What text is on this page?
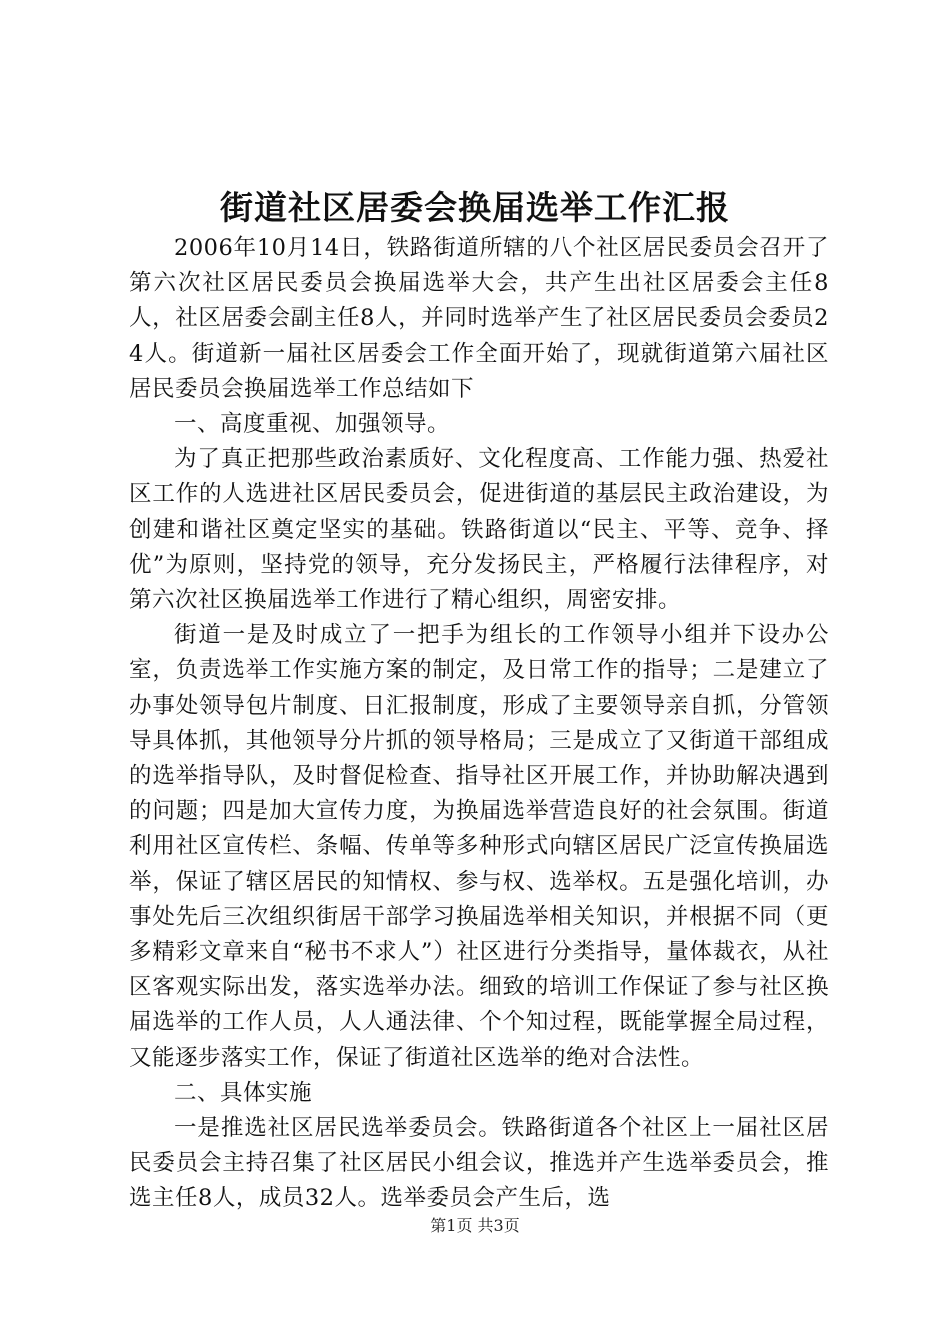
街道社区居委会换届选举工作汇报

2006年10月14日，铁路街道所辖的八个社区居民委员会召开了第六次社区居民委员会换届选举大会，共产生出社区居委会主任8人，社区居委会副主任8人，并同时选举产生了社区居民委员会委员24人。街道新一届社区居委会工作全面开始了，现就街道第六届社区居民委员会换届选举工作总结如下

一、高度重视、加强领导。

为了真正把那些政治素质好、文化程度高、工作能力强、热爱社区工作的人选进社区居民委员会，促进街道的基层民主政治建设，为创建和谐社区奠定坚实的基础。铁路街道以“民主、平等、竞争、择优”为原则，坚持党的领导，充分发扬民主，严格履行法律程序，对第六次社区换届选举工作进行了精心组织，周密安排。

街道一是及时成立了一把手为组长的工作领导小组并下设办公室，负责选举工作实施方案的制定，及日常工作的指导；二是建立了办事处领导包片制度、日汇报制度，形成了主要领导亲自抓，分管领导具体抓，其他领导分片抓的领导格局；三是成立了又街道干部组成的选举指导队，及时督促检查、指导社区开展工作，并协助解决遇到的问题；四是加大宣传力度，为换届选举营造良好的社会氛围。街道利用社区宣传栏、条幅、传单等多种形式向辖区居民广泛宣传换届选举，保证了辖区居民的知情权、参与权、选举权。五是强化培训，办事处先后三次组织街居干部学习换届选举相关知识，并根据不同（更多精彩文章来自“秘书不求人”）社区进行分类指导，量体裁衣，从社区客观实际出发，落实选举办法。细致的培训工作保证了参与社区换届选举的工作人员，人人通法律、个个知过程，既能掌握全局过程，又能逐步落实工作，保证了街道社区选举的绝对合法性。

二、具体实施

一是推选社区居民选举委员会。铁路街道各个社区上一届社区居民委员会主持召集了社区居民小组会议，推选并产生选举委员会，推选主任8人，成员32人。选举委员会产生后，选

第1页 共3页
